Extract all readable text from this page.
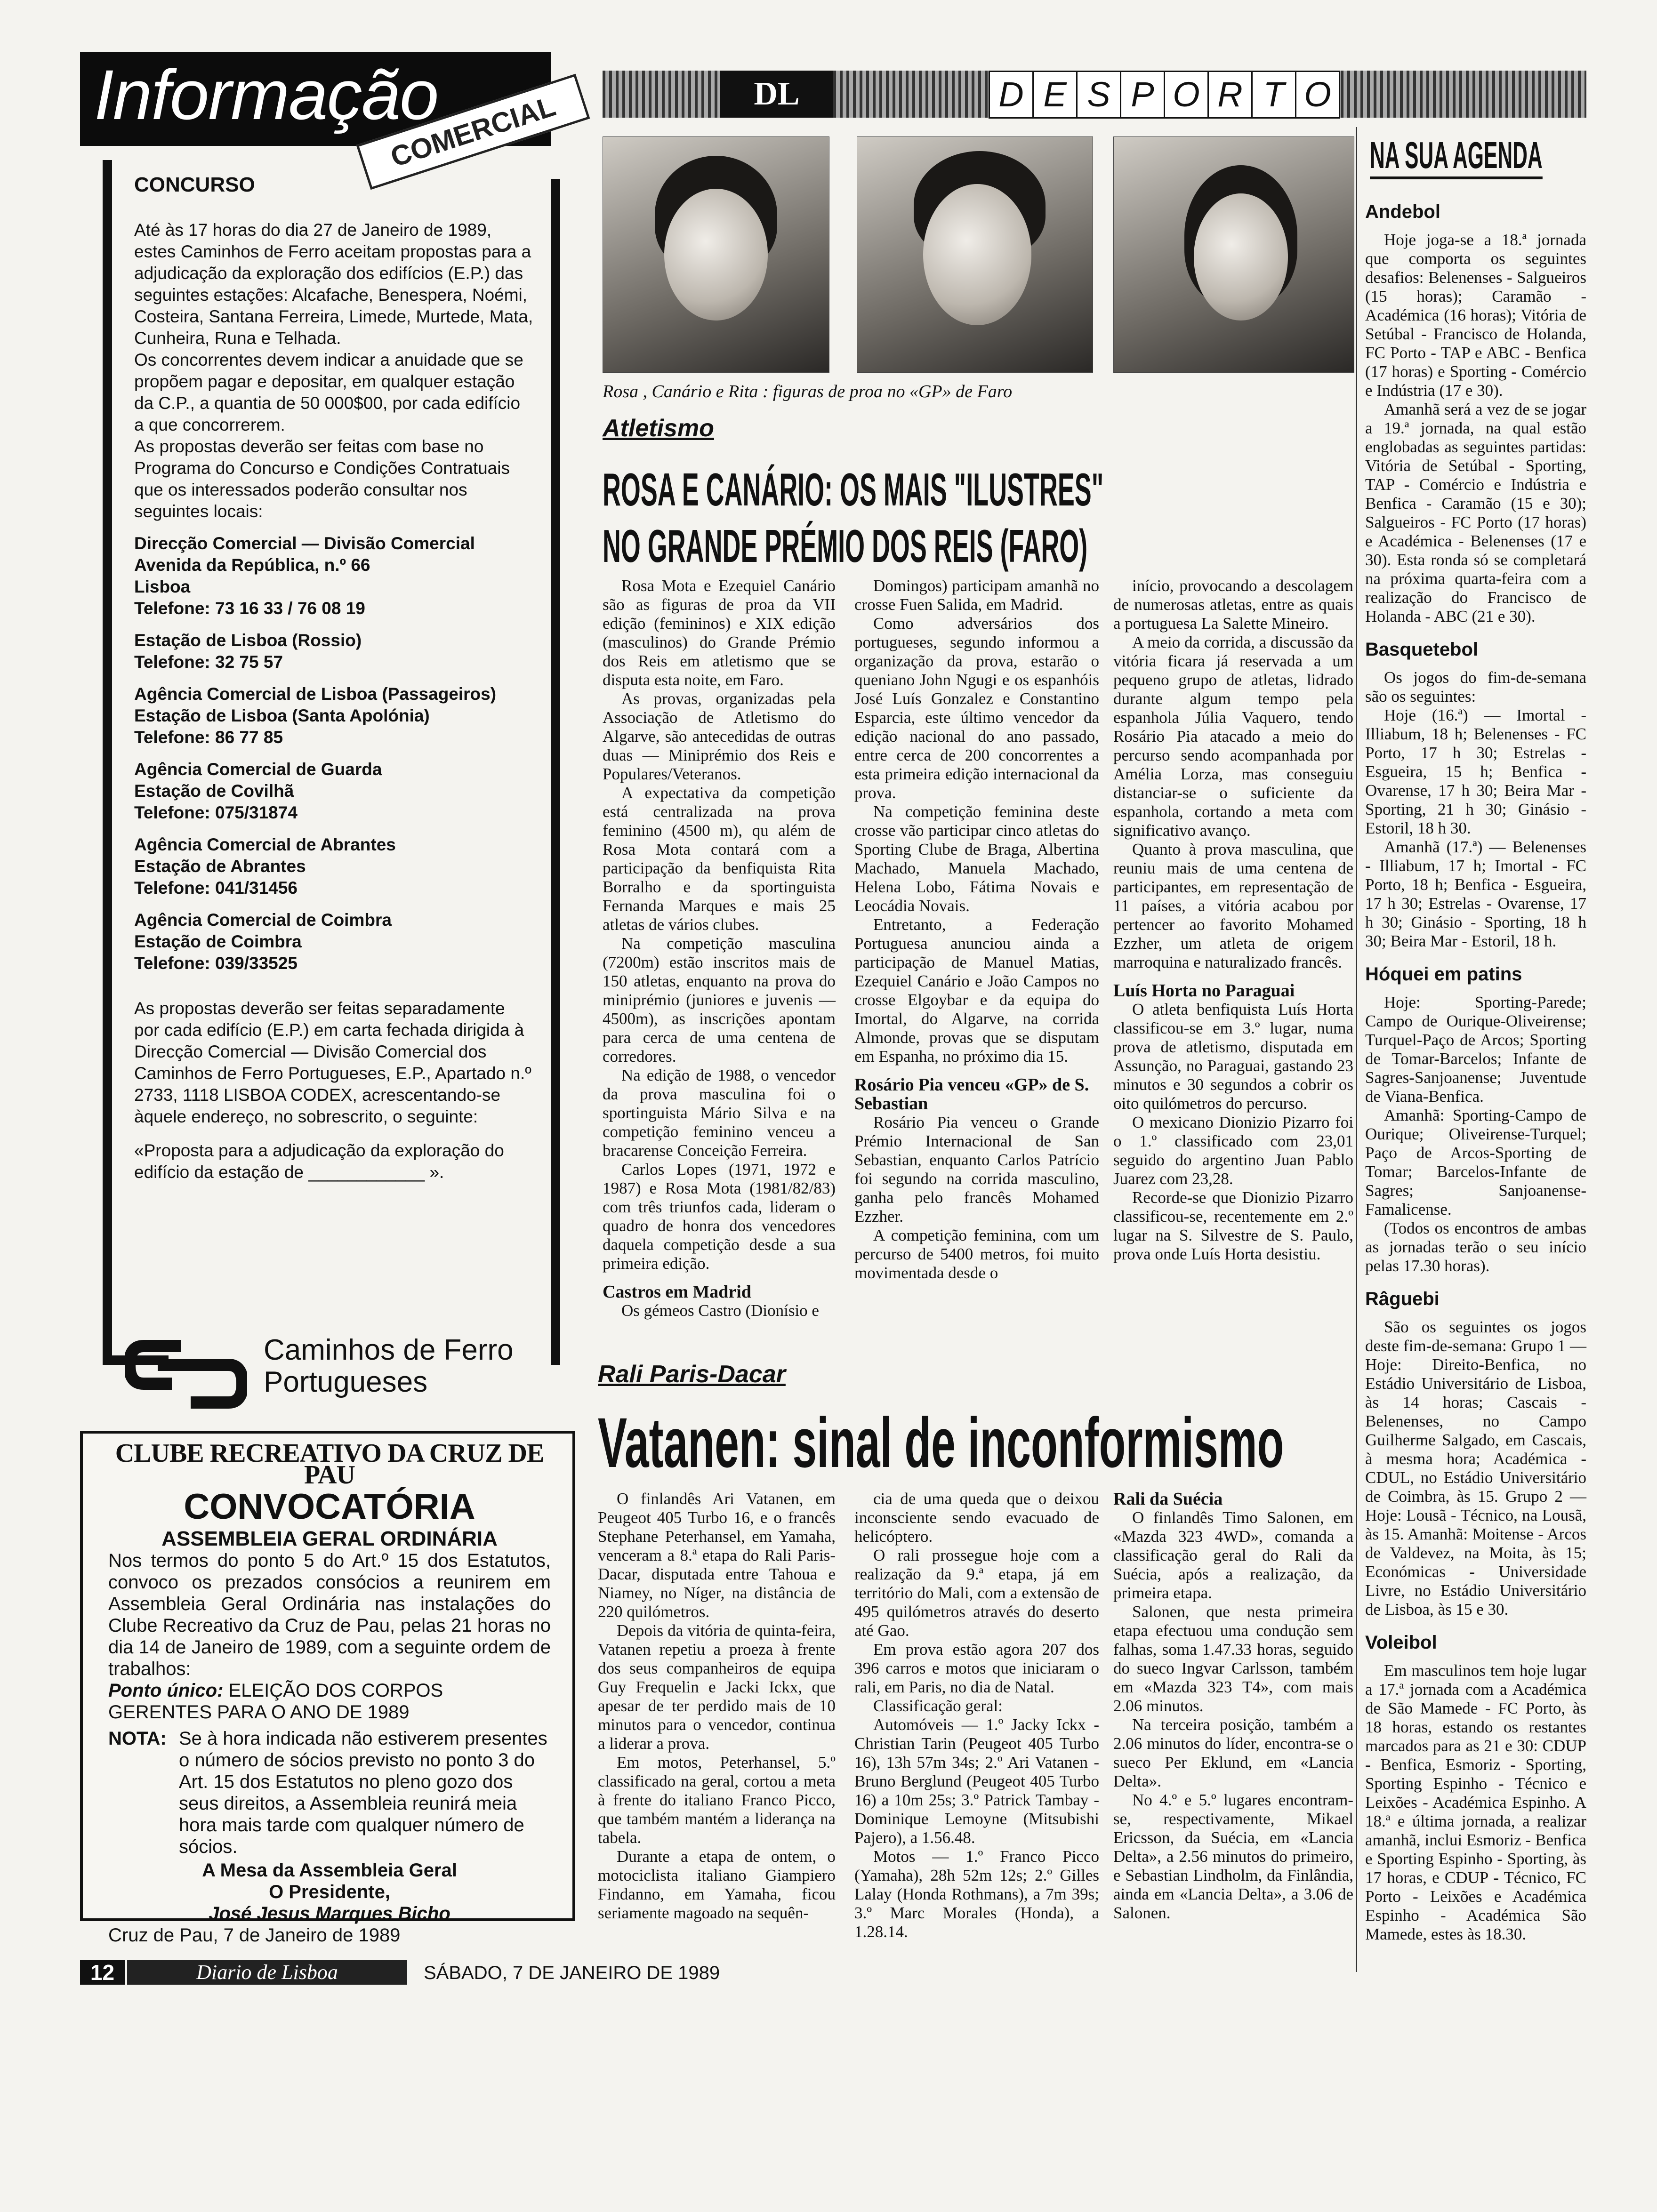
Informação
COMERCIAL

CONCURSO

Até às 17 horas do dia 27 de Janeiro de 1989, estes Caminhos de Ferro aceitam propostas para a adjudicação da exploração dos edifícios (E.P.) das seguintes estações: Alcafache, Benespera, Noémi, Costeira, Santana Ferreira, Limede, Murtede, Mata, Cunheira, Runa e Telhada.

Os concorrentes devem indicar a anuidade que se propõem pagar e depositar, em qualquer estação da C.P., a quantia de 50 000$00, por cada edifício a que concorrerem.

As propostas deverão ser feitas com base no Programa do Concurso e Condições Contratuais que os interessados poderão consultar nos seguintes locais:

Direcção Comercial — Divisão Comercial
Avenida da República, n.º 66
Lisboa
Telefone: 73 16 33 / 76 08 19
Estação de Lisboa (Rossio)
Telefone: 32 75 57
Agência Comercial de Lisboa (Passageiros)
Estação de Lisboa (Santa Apolónia)
Telefone: 86 77 85
Agência Comercial de Guarda
Estação de Covilhã
Telefone: 075/31874
Agência Comercial de Abrantes
Estação de Abrantes
Telefone: 041/31456
Agência Comercial de Coimbra
Estação de Coimbra
Telefone: 039/33525

As propostas deverão ser feitas separadamente por cada edifício (E.P.) em carta fechada dirigida à Direcção Comercial — Divisão Comercial dos Caminhos de Ferro Portugueses, E.P., Apartado n.º 2733, 1118 LISBOA CODEX, acrescentando-se àquele endereço, no sobrescrito, o seguinte:

«Proposta para a adjudicação da exploração do edifício da estação de ____________ ».

Caminhos de Ferro
Portugueses
CLUBE RECREATIVO DA CRUZ DE PAU
CONVOCATÓRIA
ASSEMBLEIA GERAL ORDINÁRIA

Nos termos do ponto 5 do Art.º 15 dos Estatutos, convoco os prezados consócios a reunirem em Assembleia Geral Ordinária nas instalações do Clube Recreativo da Cruz de Pau, pelas 21 horas no dia 14 de Janeiro de 1989, com a seguinte ordem de trabalhos:

Ponto único: ELEIÇÃO DOS CORPOS GERENTES PARA O ANO DE 1989

NOTA: Se à hora indicada não estiverem presentes o número de sócios previsto no ponto 3 do Art. 15 dos Estatutos no pleno gozo dos seus direitos, a Assembleia reunirá meia hora mais tarde com qualquer número de sócios.
A Mesa da Assembleia Geral
O Presidente,
José Jesus Marques Bicho
Cruz de Pau, 7 de Janeiro de 1989
12	Diario de Lisboa	SÁBADO, 7 DE JANEIRO DE 1989
DL	D E S P O R T O
Rosa , Canário e Rita : figuras de proa no «GP» de Faro
Atletismo
ROSA E CANÁRIO: OS MAIS "ILUSTRES"
NO GRANDE PRÉMIO DOS REIS (FARO)

Rosa Mota e Ezequiel Canário são as figuras de proa da VII edição (femininos) e XIX edição (masculinos) do Grande Prémio dos Reis em atletismo que se disputa esta noite, em Faro.

As provas, organizadas pela Associação de Atletismo do Algarve, são antecedidas de outras duas — Miniprémio dos Reis e Populares/Veteranos.

A expectativa da competição está centralizada na prova feminino (4500 m), qu além de Rosa Mota contará com a participação da benfiquista Rita Borralho e da sportinguista Fernanda Marques e mais 25 atletas de vários clubes.

Na competição masculina (7200m) estão inscritos mais de 150 atletas, enquanto na prova do miniprémio (juniores e juvenis — 4500m), as inscrições apontam para cerca de uma centena de corredores.

Na edição de 1988, o vencedor da prova masculina foi o sportinguista Mário Silva e na competição feminino venceu a bracarense Conceição Ferreira.

Carlos Lopes (1971, 1972 e 1987) e Rosa Mota (1981/82/83) com três triunfos cada, lideram o quadro de honra dos vencedores daquela competição desde a sua primeira edição.

Castros em Madrid

Os gémeos Castro (Dionísio e

Domingos) participam amanhã no crosse Fuen Salida, em Madrid.

Como adversários dos portugueses, segundo informou a organização da prova, estarão o queniano John Ngugi e os espanhóis José Luís Gonzalez e Constantino Esparcia, este último vencedor da edição nacional do ano passado, entre cerca de 200 concorrentes a esta primeira edição internacional da prova.

Na competição feminina deste crosse vão participar cinco atletas do Sporting Clube de Braga, Albertina Machado, Manuela Machado, Helena Lobo, Fátima Novais e Leocádia Novais.

Entretanto, a Federação Portuguesa anunciou ainda a participação de Manuel Matias, Ezequiel Canário e João Campos no crosse Elgoybar e da equipa do Imortal, do Algarve, na corrida Almonde, provas que se disputam em Espanha, no próximo dia 15.

Rosário Pia venceu «GP» de S. Sebastian

Rosário Pia venceu o Grande Prémio Internacional de San Sebastian, enquanto Carlos Patrício foi segundo na corrida masculino, ganha pelo francês Mohamed Ezzher.

A competição feminina, com um percurso de 5400 metros, foi muito movimentada desde o

início, provocando a descolagem de numerosas atletas, entre as quais a portuguesa La Salette Mineiro.

A meio da corrida, a discussão da vitória ficara já reservada a um pequeno grupo de atletas, lidrado durante algum tempo pela espanhola Júlia Vaquero, tendo Rosário Pia atacado a meio do percurso sendo acompanhada por Amélia Lorza, mas conseguiu distanciar-se o suficiente da espanhola, cortando a meta com significativo avanço.

Quanto à prova masculina, que reuniu mais de uma centena de participantes, em representação de 11 países, a vitória acabou por pertencer ao favorito Mohamed Ezzher, um atleta de origem marroquina e naturalizado francês.

Luís Horta no Paraguai

O atleta benfiquista Luís Horta classificou-se em 3.º lugar, numa prova de atletismo, disputada em Assunção, no Paraguai, gastando 23 minutos e 30 segundos a cobrir os oito quilómetros do percurso.

O mexicano Dionizio Pizarro foi o 1.º classificado com 23,01 seguido do argentino Juan Pablo Juarez com 23,28.

Recorde-se que Dionizio Pizarro classificou-se, recentemente em 2.º lugar na S. Silvestre de S. Paulo, prova onde Luís Horta desistiu.

Rali Paris-Dacar
Vatanen: sinal de inconformismo

O finlandês Ari Vatanen, em Peugeot 405 Turbo 16, e o francês Stephane Peterhansel, em Yamaha, venceram a 8.ª etapa do Rali Paris-Dacar, disputada entre Tahoua e Niamey, no Níger, na distância de 220 quilómetros.

Depois da vitória de quinta-feira, Vatanen repetiu a proeza à frente dos seus companheiros de equipa Guy Frequelin e Jacki Ickx, que apesar de ter perdido mais de 10 minutos para o vencedor, continua a liderar a prova.

Em motos, Peterhansel, 5.º classificado na geral, cortou a meta à frente do italiano Franco Picco, que também mantém a liderança na tabela.

Durante a etapa de ontem, o motociclista italiano Giampiero Findanno, em Yamaha, ficou seriamente magoado na sequên-

cia de uma queda que o deixou inconsciente sendo evacuado de helicóptero.

O rali prossegue hoje com a realização da 9.ª etapa, já em território do Mali, com a extensão de 495 quilómetros através do deserto até Gao.

Em prova estão agora 207 dos 396 carros e motos que iniciaram o rali, em Paris, no dia de Natal.

Classificação geral:

Automóveis — 1.º Jacky Ickx - Christian Tarin (Peugeot 405 Turbo 16), 13h 57m 34s; 2.º Ari Vatanen - Bruno Berglund (Peugeot 405 Turbo 16) a 10m 25s; 3.º Patrick Tambay - Dominique Lemoyne (Mitsubishi Pajero), a 1.56.48.

Motos — 1.º Franco Picco (Yamaha), 28h 52m 12s; 2.º Gilles Lalay (Honda Rothmans), a 7m 39s; 3.º Marc Morales (Honda), a 1.28.14.

Rali da Suécia

O finlandês Timo Salonen, em «Mazda 323 4WD», comanda a classificação geral do Rali da Suécia, após a realização, da primeira etapa.

Salonen, que nesta primeira etapa efectuou uma condução sem falhas, soma 1.47.33 horas, seguido do sueco Ingvar Carlsson, também em «Mazda 323 T4», com mais 2.06 minutos.

Na terceira posição, também a 2.06 minutos do líder, encontra-se o sueco Per Eklund, em «Lancia Delta».

No 4.º e 5.º lugares encontram-se, respectivamente, Mikael Ericsson, da Suécia, em «Lancia Delta», a 2.56 minutos do primeiro, e Sebastian Lindholm, da Finlândia, ainda em «Lancia Delta», a 3.06 de Salonen.

NA SUA AGENDA
Andebol

Hoje joga-se a 18.ª jornada que comporta os seguintes desafios: Belenenses - Salgueiros (15 horas); Caramão - Académica (16 horas); Vitória de Setúbal - Francisco de Holanda, FC Porto - TAP e ABC - Benfica (17 horas) e Sporting - Comércio e Indústria (17 e 30).

Amanhã será a vez de se jogar a 19.ª jornada, na qual estão englobadas as seguintes partidas: Vitória de Setúbal - Sporting, TAP - Comércio e Indústria e Benfica - Caramão (15 e 30); Salgueiros - FC Porto (17 horas) e Académica - Belenenses (17 e 30). Esta ronda só se completará na próxima quarta-feira com a realização do Francisco de Holanda - ABC (21 e 30).

Basquetebol

Os jogos do fim-de-semana são os seguintes:

Hoje (16.ª) — Imortal - Illiabum, 18 h; Belenenses - FC Porto, 17 h 30; Estrelas - Esgueira, 15 h; Benfica - Ovarense, 17 h 30; Beira Mar - Sporting, 21 h 30; Ginásio - Estoril, 18 h 30.

Amanhã (17.ª) — Belenenses - Illiabum, 17 h; Imortal - FC Porto, 18 h; Benfica - Esgueira, 17 h 30; Estrelas - Ovarense, 17 h 30; Ginásio - Sporting, 18 h 30; Beira Mar - Estoril, 18 h.

Hóquei em patins

Hoje: Sporting-Parede; Campo de Ourique-Oliveirense; Turquel-Paço de Arcos; Sporting de Tomar-Barcelos; Infante de Sagres-Sanjoanense; Juventude de Viana-Benfica.

Amanhã: Sporting-Campo de Ourique; Oliveirense-Turquel; Paço de Arcos-Sporting de Tomar; Barcelos-Infante de Sagres; Sanjoanense-Famalicense.

(Todos os encontros de ambas as jornadas terão o seu início pelas 17.30 horas).

Râguebi

São os seguintes os jogos deste fim-de-semana: Grupo 1 — Hoje: Direito-Benfica, no Estádio Universitário de Lisboa, às 14 horas; Cascais - Belenenses, no Campo Guilherme Salgado, em Cascais, à mesma hora; Académica - CDUL, no Estádio Universitário de Coimbra, às 15. Grupo 2 — Hoje: Lousã - Técnico, na Lousã, às 15. Amanhã: Moitense - Arcos de Valdevez, na Moita, às 15; Económicas - Universidade Livre, no Estádio Universitário de Lisboa, às 15 e 30.

Voleibol

Em masculinos tem hoje lugar a 17.ª jornada com a Académica de São Mamede - FC Porto, às 18 horas, estando os restantes marcados para as 21 e 30: CDUP - Benfica, Esmoriz - Sporting, Sporting Espinho - Técnico e Leixões - Académica Espinho. A 18.ª e última jornada, a realizar amanhã, inclui Esmoriz - Benfica e Sporting Espinho - Sporting, às 17 horas, e CDUP - Técnico, FC Porto - Leixões e Académica Espinho - Académica São Mamede, estes às 18.30.
